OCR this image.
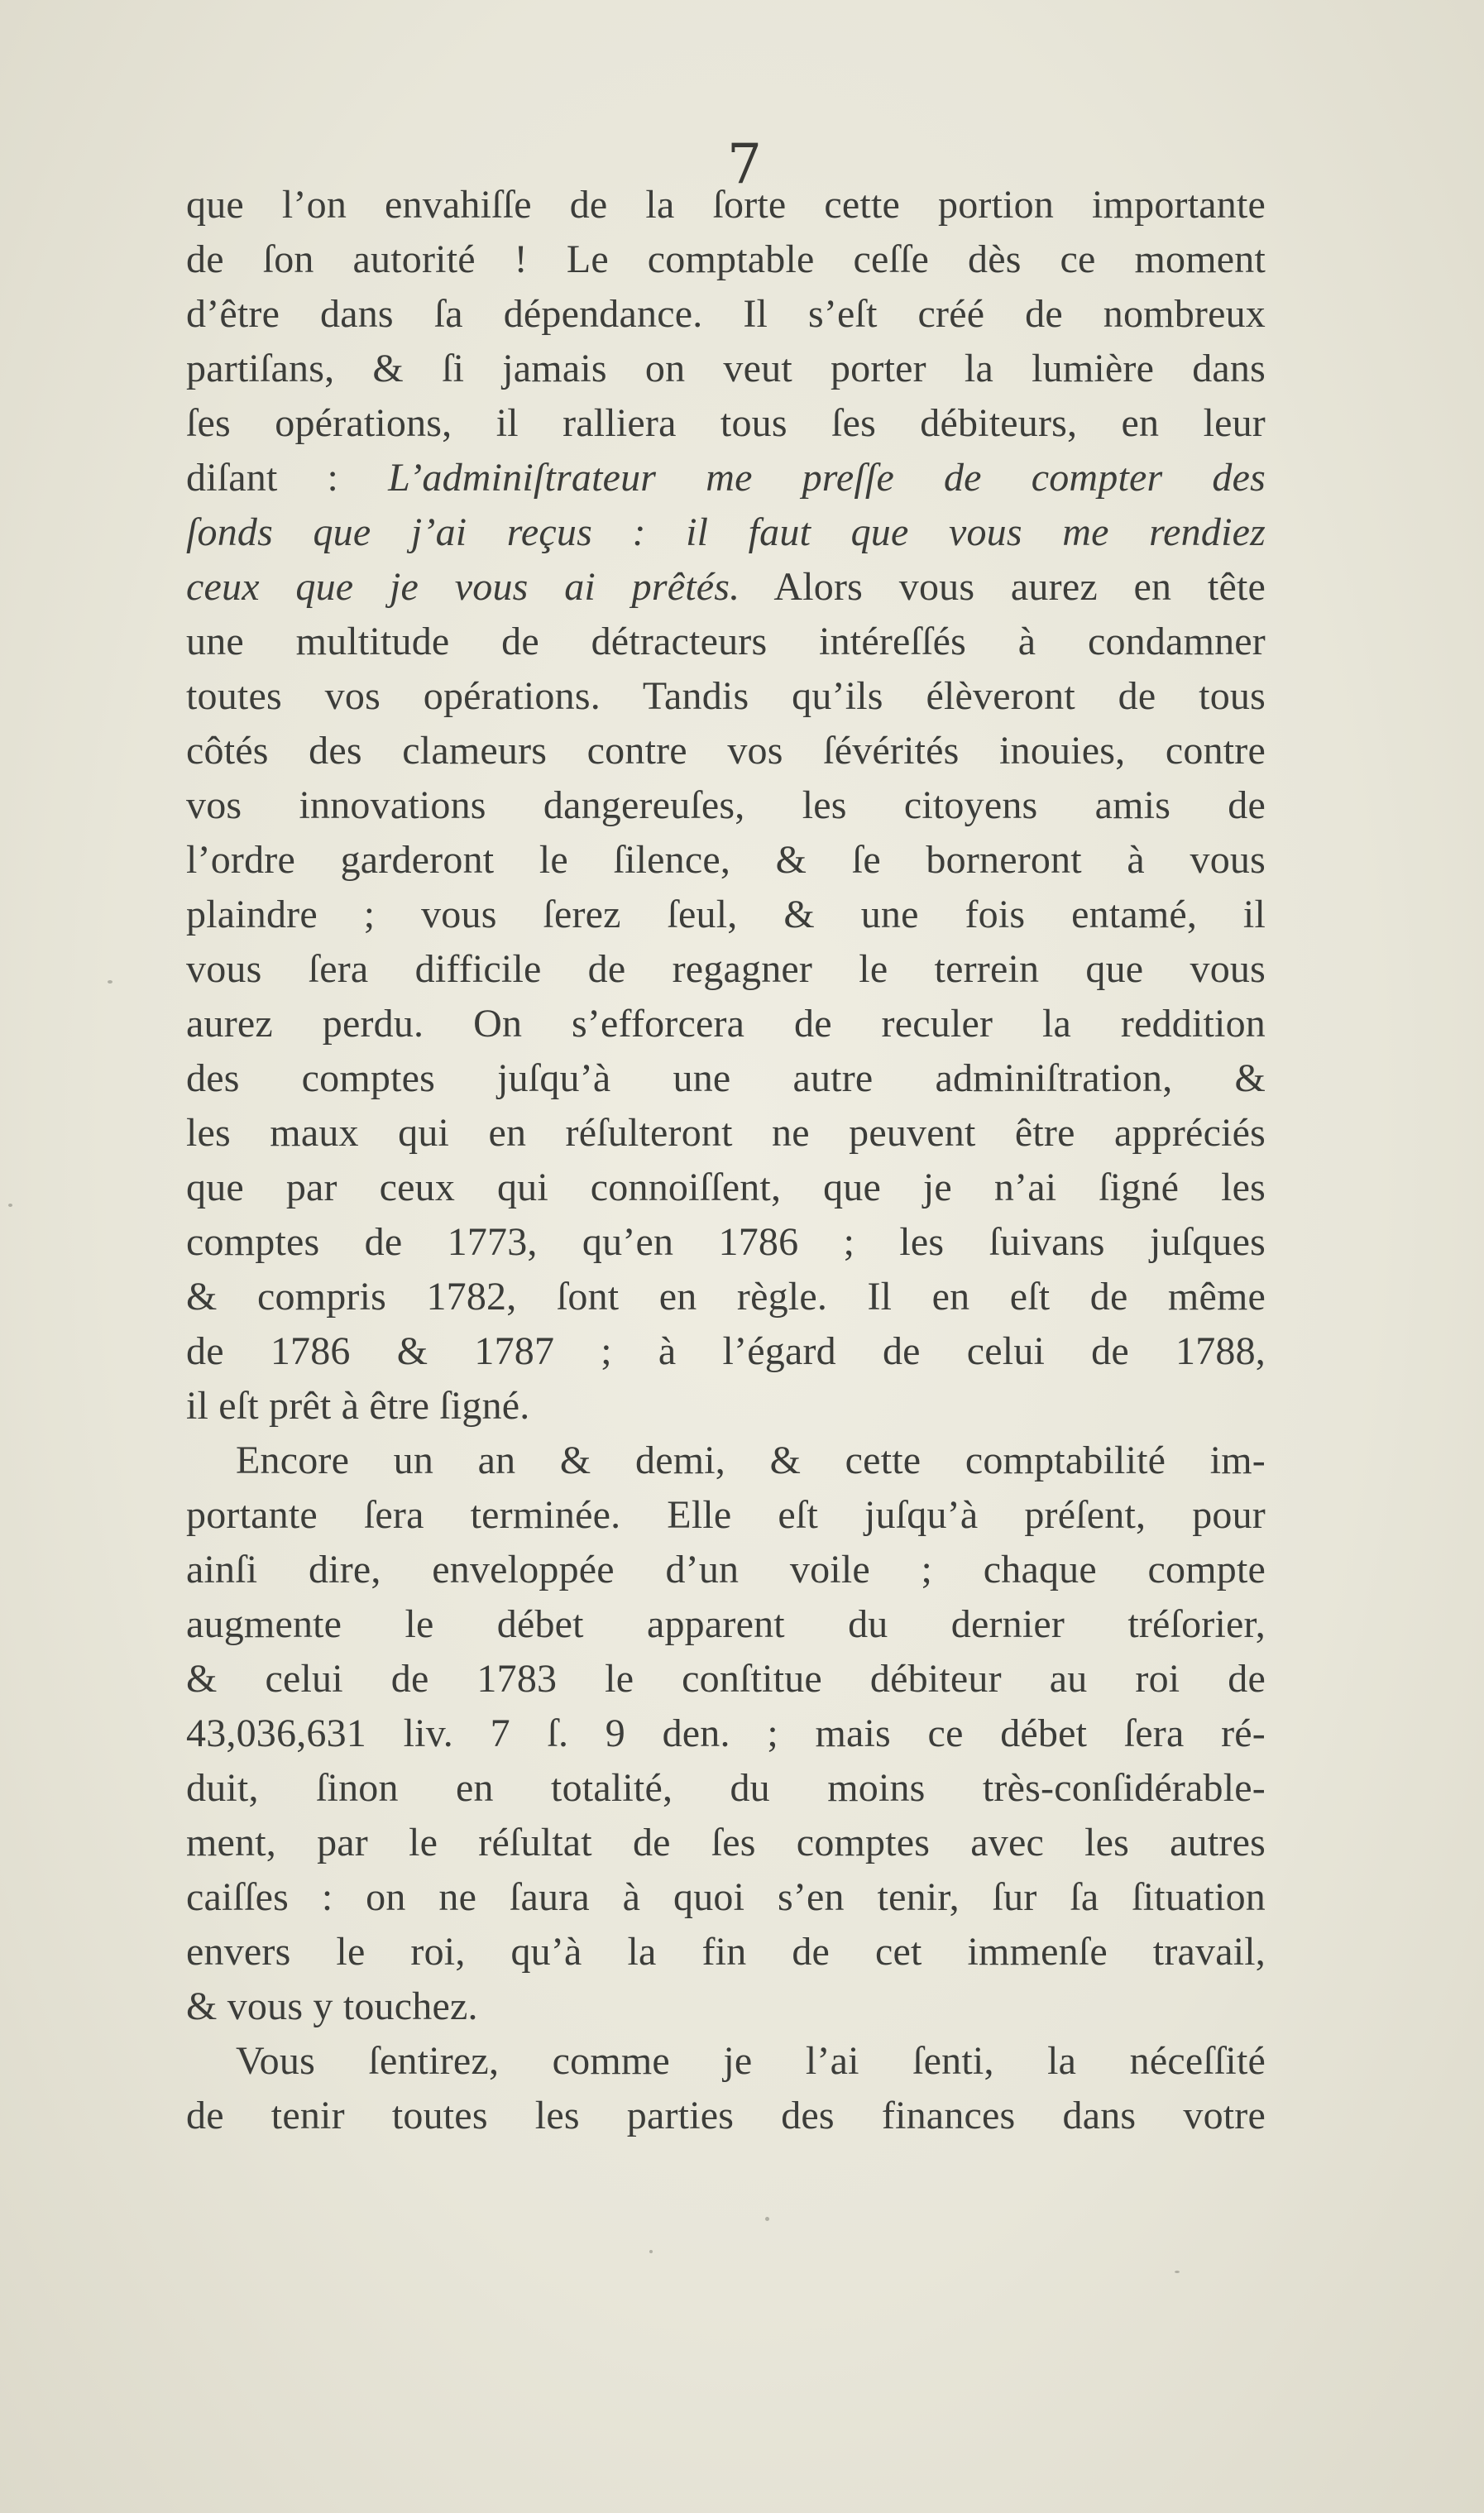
7
que l’on envahiſſe de la ſorte cette portion importante
de ſon autorité ! Le comptable ceſſe dès ce moment
d’être dans ſa dépendance. Il s’eſt créé de nombreux
partiſans, & ſi jamais on veut porter la lumière dans
ſes opérations, il ralliera tous ſes débiteurs, en leur
diſant : L’adminiſtrateur me preſſe de compter des
ſonds que j’ai reçus : il faut que vous me rendiez
ceux que je vous ai prêtés. Alors vous aurez en tête
une multitude de détracteurs intéreſſés à condamner
toutes vos opérations. Tandis qu’ils élèveront de tous
côtés des clameurs contre vos ſévérités inouies, contre
vos innovations dangereuſes, les citoyens amis de
l’ordre garderont le ſilence, & ſe borneront à vous
plaindre ; vous ſerez ſeul, & une fois entamé, il
vous ſera difficile de regagner le terrein que vous
aurez perdu. On s’efforcera de reculer la reddition
des comptes juſqu’à une autre adminiſtration, &
les maux qui en réſulteront ne peuvent être appréciés
que par ceux qui connoiſſent, que je n’ai ſigné les
comptes de 1773, qu’en 1786 ; les ſuivans juſques
& compris 1782, ſont en règle. Il en eſt de même
de 1786 & 1787 ; à l’égard de celui de 1788,
il eſt prêt à être ſigné.
Encore un an & demi, & cette comptabilité im-
portante ſera terminée. Elle eſt juſqu’à préſent, pour
ainſi dire, enveloppée d’un voile ; chaque compte
augmente le débet apparent du dernier tréſorier,
& celui de 1783 le conſtitue débiteur au roi de
43,036,631 liv. 7 ſ. 9 den. ; mais ce débet ſera ré-
duit, ſinon en totalité, du moins très-conſidérable-
ment, par le réſultat de ſes comptes avec les autres
caiſſes : on ne ſaura à quoi s’en tenir, ſur ſa ſituation
envers le roi, qu’à la fin de cet immenſe travail,
& vous y touchez.
Vous ſentirez, comme je l’ai ſenti, la néceſſité
de tenir toutes les parties des finances dans votre
